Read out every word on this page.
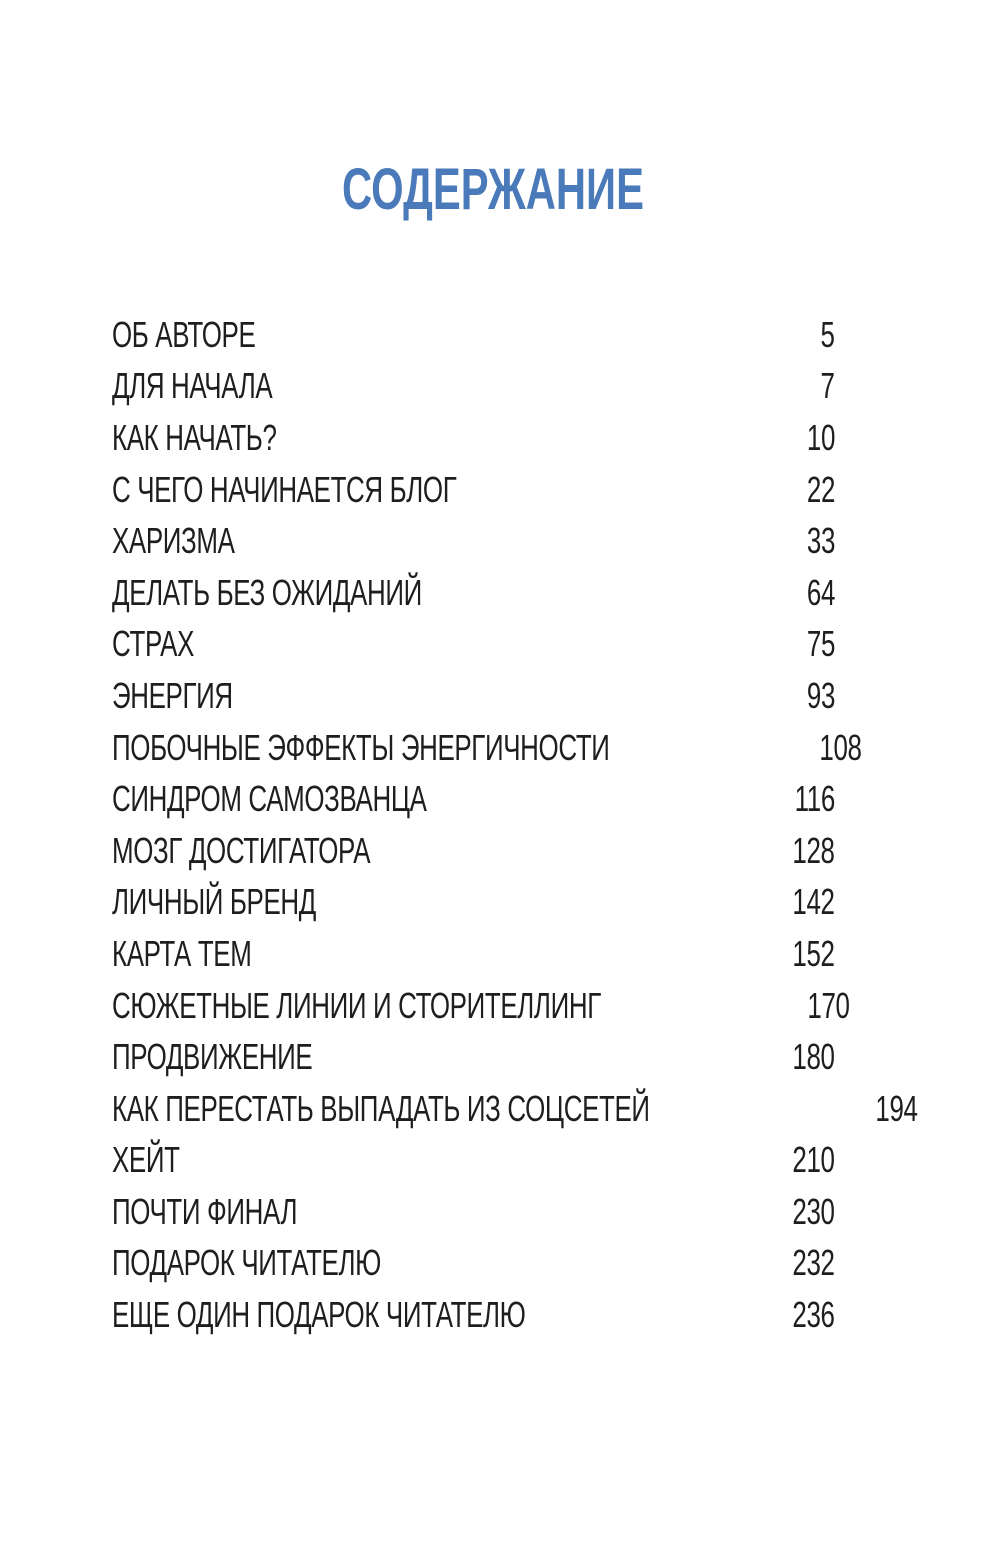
СОДЕРЖАНИЕ
ОБ АВТОРЕ	5
ДЛЯ НАЧАЛА	7
КАК НАЧАТЬ?	10
С ЧЕГО НАЧИНАЕТСЯ БЛОГ	22
ХАРИЗМА	33
ДЕЛАТЬ БЕЗ ОЖИДАНИЙ	64
СТРАХ	75
ЭНЕРГИЯ	93
ПОБОЧНЫЕ ЭФФЕКТЫ ЭНЕРГИЧНОСТИ	108
СИНДРОМ САМОЗВАНЦА	116
МОЗГ ДОСТИГАТОРА	128
ЛИЧНЫЙ БРЕНД	142
КАРТА ТЕМ	152
СЮЖЕТНЫЕ ЛИНИИ И СТОРИТЕЛЛИНГ	170
ПРОДВИЖЕНИЕ	180
КАК ПЕРЕСТАТЬ ВЫПАДАТЬ ИЗ СОЦСЕТЕЙ	194
ХЕЙТ	210
ПОЧТИ ФИНАЛ	230
ПОДАРОК ЧИТАТЕЛЮ	232
ЕЩЕ ОДИН ПОДАРОК ЧИТАТЕЛЮ	236
